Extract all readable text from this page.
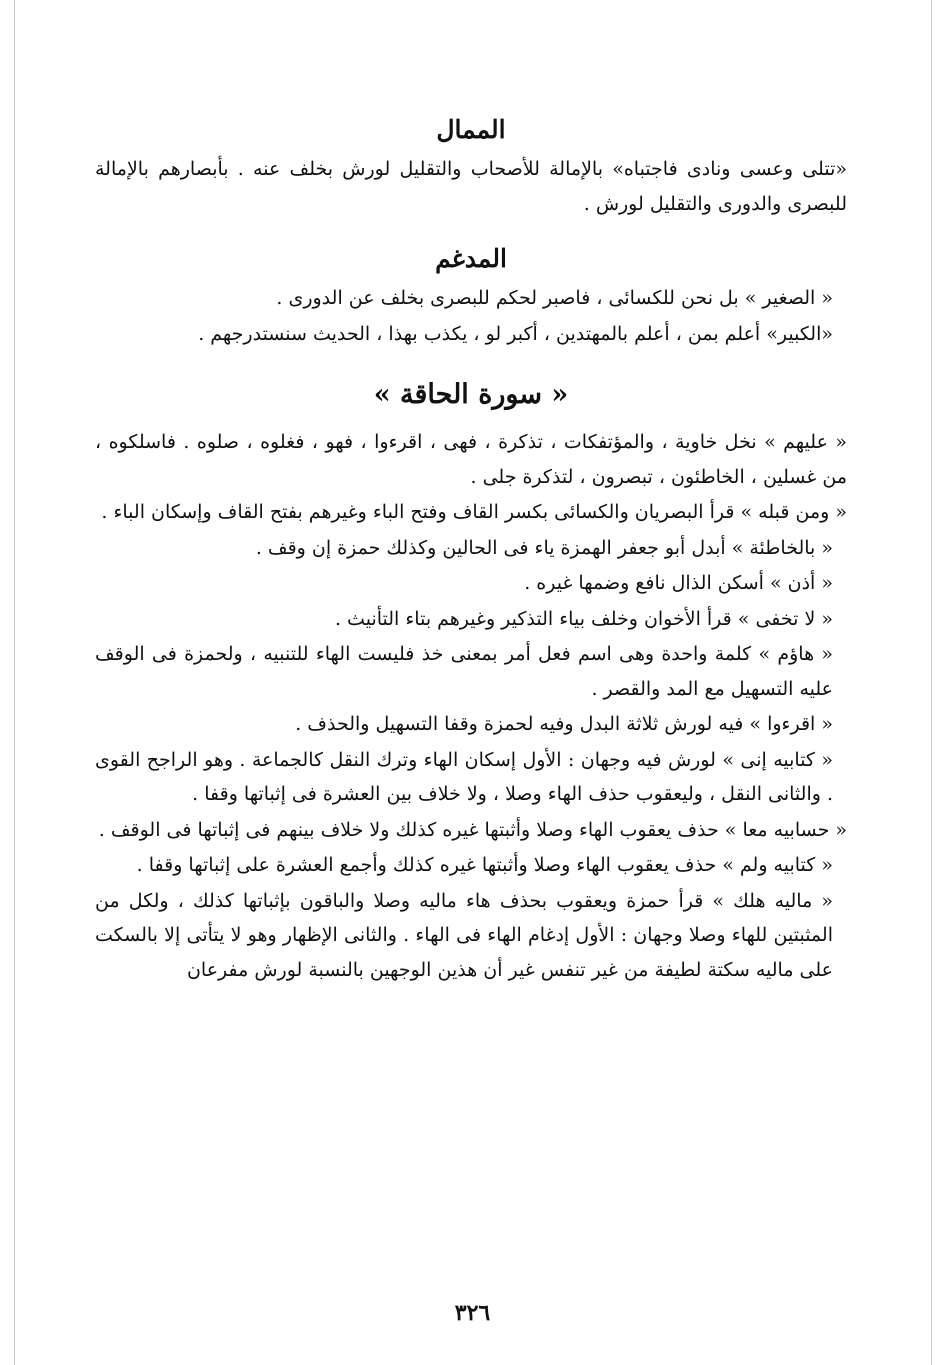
الممال

«تتلى وعسى ونادى فاجتباه» بالإمالة للأصحاب والتقليل لورش بخلف عنه . بأبصارهم بالإمالة للبصرى والدورى والتقليل لورش .

المدغم

« الصغير » بل نحن للكسائى ، فاصبر لحكم للبصرى بخلف عن الدورى .

«الكبير» أعلم بمن ، أعلم بالمهتدين ، أكبر لو ، يكذب بهذا ، الحديث سنستدرجهم .

« سورة الحاقة »

« عليهم » نخل خاوية ، والمؤتفكات ، تذكرة ، فهى ، اقرءوا ، فهو ، فغلوه ، صلوه . فاسلكوه ، من غسلين ، الخاطئون ، تبصرون ، لتذكرة جلى .

« ومن قبله » قرأ البصريان والكسائى بكسر القاف وفتح الباء وغيرهم بفتح القاف وإسكان الباء .

« بالخاطئة » أبدل أبو جعفر الهمزة ياء فى الحالين وكذلك حمزة إن وقف .

« أذن » أسكن الذال نافع وضمها غيره .

« لا تخفى » قرأ الأخوان وخلف بياء التذكير وغيرهم بتاء التأنيث .

« هاؤم » كلمة واحدة وهى اسم فعل أمر بمعنى خذ فليست الهاء للتنبيه ، ولحمزة فى الوقف عليه التسهيل مع المد والقصر .

« اقرءوا » فيه لورش ثلاثة البدل وفيه لحمزة وقفا التسهيل والحذف .

« كتابيه إنى » لورش فيه وجهان : الأول إسكان الهاء وترك النقل كالجماعة . وهو الراجح القوى . والثانى النقل ، وليعقوب حذف الهاء وصلا ، ولا خلاف بين العشرة فى إثباتها وقفا .

« حسابيه معا » حذف يعقوب الهاء وصلا وأثبتها غيره كذلك ولا خلاف بينهم فى إثباتها فى الوقف .

« كتابيه ولم » حذف يعقوب الهاء وصلا وأثبتها غيره كذلك وأجمع العشرة على إثباتها وقفا .

« ماليه هلك » قرأ حمزة ويعقوب بحذف هاء ماليه وصلا والباقون بإثباتها كذلك ، ولكل من المثبتين للهاء وصلا وجهان : الأول إدغام الهاء فى الهاء . والثانى الإظهار وهو لا يتأتى إلا بالسكت على ماليه سكتة لطيفة من غير تنفس غير أن هذين الوجهين بالنسبة لورش مفرعان

٣٢٦
